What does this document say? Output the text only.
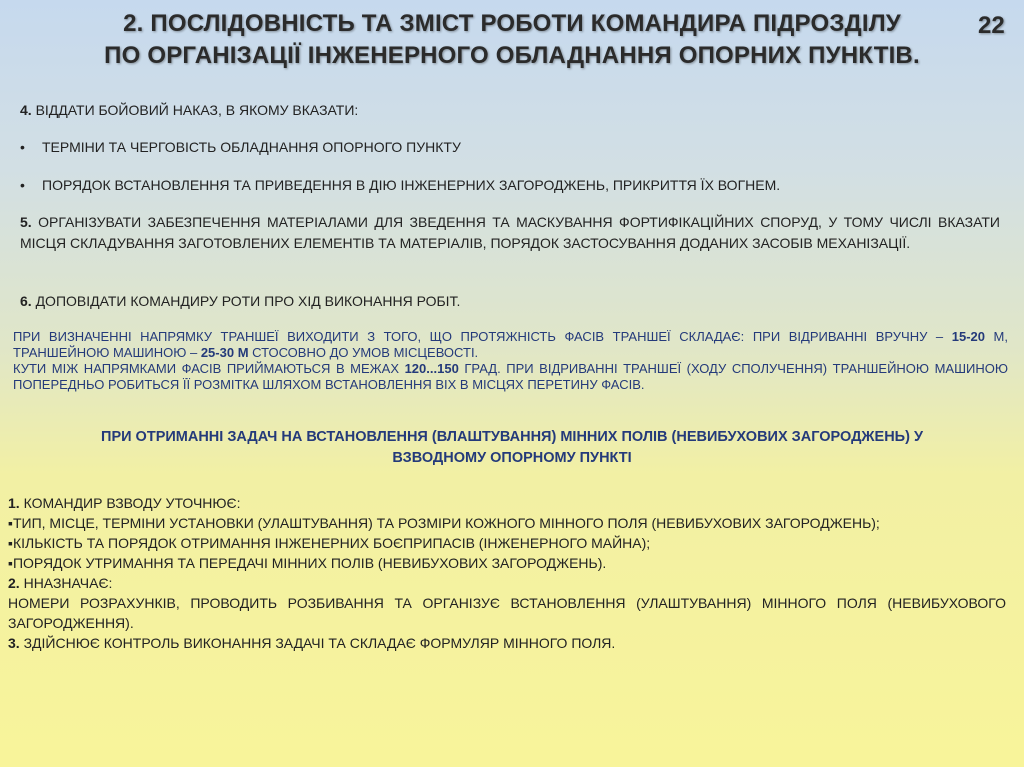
2. ПОСЛІДОВНІСТЬ ТА ЗМІСТ РОБОТИ КОМАНДИРА ПІДРОЗДІЛУ
ПО ОРГАНІЗАЦІЇ ІНЖЕНЕРНОГО ОБЛАДНАННЯ ОПОРНИХ ПУНКТІВ.
22
4. ВІДДАТИ БОЙОВИЙ НАКАЗ, В ЯКОМУ ВКАЗАТИ:
• ТЕРМІНИ ТА ЧЕРГОВІСТЬ ОБЛАДНАННЯ ОПОРНОГО ПУНКТУ
• ПОРЯДОК ВСТАНОВЛЕННЯ ТА ПРИВЕДЕННЯ В ДІЮ ІНЖЕНЕРНИХ ЗАГОРОДЖЕНЬ, ПРИКРИТТЯ ЇХ ВОГНЕМ.
5. ОРГАНІЗУВАТИ ЗАБЕЗПЕЧЕННЯ МАТЕРІАЛАМИ ДЛЯ ЗВЕДЕННЯ ТА МАСКУВАННЯ ФОРТИФІКАЦІЙНИХ СПОРУД, У ТОМУ ЧИСЛІ ВКАЗАТИ МІСЦЯ СКЛАДУВАННЯ ЗАГОТОВЛЕНИХ ЕЛЕМЕНТІВ ТА МАТЕРІАЛІВ, ПОРЯДОК ЗАСТОСУВАННЯ ДОДАНИХ ЗАСОБІВ МЕХАНІЗАЦІЇ.
6. ДОПОВІДАТИ КОМАНДИРУ РОТИ ПРО ХІД ВИКОНАННЯ РОБІТ.
ПРИ ВИЗНАЧЕННІ НАПРЯМКУ ТРАНШЕЇ ВИХОДИТИ З ТОГО, ЩО ПРОТЯЖНІСТЬ ФАСІВ ТРАНШЕЇ СКЛАДАЄ: ПРИ ВІДРИВАННІ ВРУЧНУ – 15-20 М, ТРАНШЕЙНОЮ МАШИНОЮ – 25-30 М СТОСОВНО ДО УМОВ МІСЦЕВОСТІ.
КУТИ МІЖ НАПРЯМКАМИ ФАСІВ ПРИЙМАЮТЬСЯ В МЕЖАХ 120...150 ГРАД. ПРИ ВІДРИВАННІ ТРАНШЕЇ (ХОДУ СПОЛУЧЕННЯ) ТРАНШЕЙНОЮ МАШИНОЮ ПОПЕРЕДНЬО РОБИТЬСЯ ЇЇ РОЗМІТКА ШЛЯХОМ ВСТАНОВЛЕННЯ ВІХ В МІСЦЯХ ПЕРЕТИНУ ФАСІВ.
ПРИ ОТРИМАННІ ЗАДАЧ НА ВСТАНОВЛЕННЯ (ВЛАШТУВАННЯ) МІННИХ ПОЛІВ (НЕВИБУХОВИХ ЗАГОРОДЖЕНЬ) У
ВЗВОДНОМУ ОПОРНОМУ ПУНКТІ

1. КОМАНДИР ВЗВОДУ УТОЧНЮЄ:

▪ТИП, МІСЦЕ, ТЕРМІНИ УСТАНОВКИ (УЛАШТУВАННЯ) ТА РОЗМІРИ КОЖНОГО МІННОГО ПОЛЯ (НЕВИБУХОВИХ ЗАГОРОДЖЕНЬ);

▪КІЛЬКІСТЬ ТА ПОРЯДОК ОТРИМАННЯ ІНЖЕНЕРНИХ БОЄПРИПАСІВ (ІНЖЕНЕРНОГО МАЙНА);

▪ПОРЯДОК УТРИМАННЯ ТА ПЕРЕДАЧІ МІННИХ ПОЛІВ (НЕВИБУХОВИХ ЗАГОРОДЖЕНЬ).

2. ННАЗНАЧАЄ:

НОМЕРИ РОЗРАХУНКІВ, ПРОВОДИТЬ РОЗБИВАННЯ ТА ОРГАНІЗУЄ ВСТАНОВЛЕННЯ (УЛАШТУВАННЯ) МІННОГО ПОЛЯ (НЕВИБУХОВОГО ЗАГОРОДЖЕННЯ).

3. ЗДІЙСНЮЄ КОНТРОЛЬ ВИКОНАННЯ ЗАДАЧІ ТА СКЛАДАЄ ФОРМУЛЯР МІННОГО ПОЛЯ.
